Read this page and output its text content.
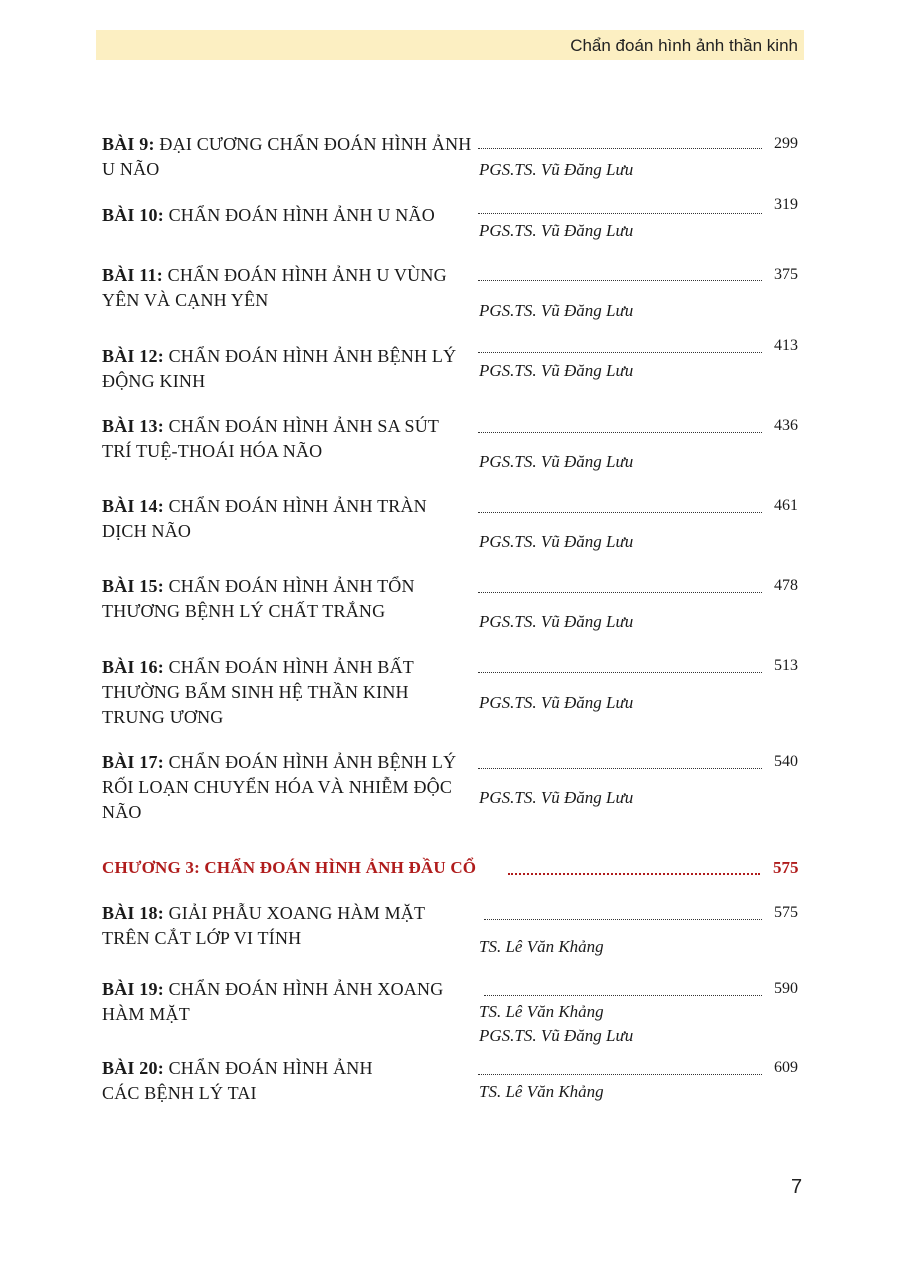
Chẩn đoán hình ảnh thần kinh
BÀI 9: ĐẠI CƯƠNG CHẨN ĐOÁN HÌNH ẢNH U NÃO
299
PGS.TS. Vũ Đăng Lưu
BÀI 10: CHẨN ĐOÁN HÌNH ẢNH U NÃO
319
PGS.TS. Vũ Đăng Lưu
BÀI 11: CHẨN ĐOÁN HÌNH ẢNH U VÙNG YÊN VÀ CẠNH YÊN
375
PGS.TS. Vũ Đăng Lưu
BÀI 12: CHẨN ĐOÁN HÌNH ẢNH BỆNH LÝ ĐỘNG KINH
413
PGS.TS. Vũ Đăng Lưu
BÀI 13: CHẨN ĐOÁN HÌNH ẢNH SA SÚT TRÍ TUỆ-THOÁI HÓA NÃO
436
PGS.TS. Vũ Đăng Lưu
BÀI 14: CHẨN ĐOÁN HÌNH ẢNH TRÀN DỊCH NÃO
461
PGS.TS. Vũ Đăng Lưu
BÀI 15: CHẨN ĐOÁN HÌNH ẢNH TỔN THƯƠNG BỆNH LÝ CHẤT TRẮNG
478
PGS.TS. Vũ Đăng Lưu
BÀI 16: CHẨN ĐOÁN HÌNH ẢNH BẤT THƯỜNG BẨM SINH HỆ THẦN KINH TRUNG ƯƠNG
513
PGS.TS. Vũ Đăng Lưu
BÀI 17: CHẨN ĐOÁN HÌNH ẢNH BỆNH LÝ RỐI LOẠN CHUYỂN HÓA VÀ NHIỄM ĐỘC NÃO
540
PGS.TS. Vũ Đăng Lưu
CHƯƠNG 3: CHẨN ĐOÁN HÌNH ẢNH ĐẦU CỔ	575
BÀI 18: GIẢI PHẪU XOANG HÀM MẶT TRÊN CẮT LỚP VI TÍNH
575
TS. Lê Văn Khảng
BÀI 19: CHẨN ĐOÁN HÌNH ẢNH XOANG HÀM MẶT
590
TS. Lê Văn Khảng
PGS.TS. Vũ Đăng Lưu
BÀI 20: CHẨN ĐOÁN HÌNH ẢNH CÁC BỆNH LÝ TAI
609
TS. Lê Văn Khảng
7
